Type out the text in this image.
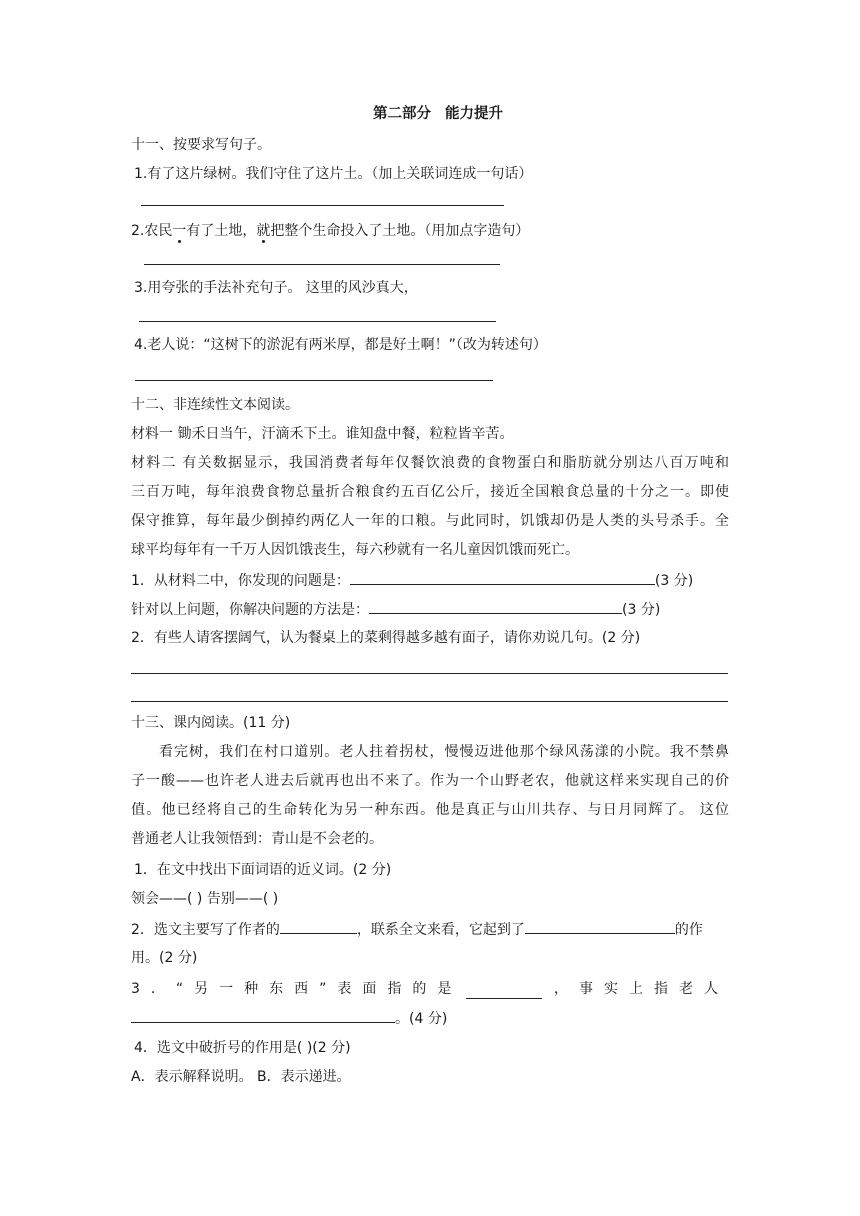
第二部分 能力提升
十一、按要求写句子。
1.有了这片绿树。我们守住了这片土。（加上关联词连成一句话）
2.农民一有了土地，就把整个生命投入了土地。（用加点字造句）
3.用夸张的手法补充句子。 这里的风沙真大，
4.老人说：“这树下的淤泥有两米厚，都是好土啊！”（改为转述句）
十二、非连续性文本阅读。
材料一 锄禾日当午，汗滴禾下土。谁知盘中餐，粒粒皆辛苦。
材料二 有关数据显示，我国消费者每年仅餐饮浪费的食物蛋白和脂肪就分别达八百万吨和
三百万吨，每年浪费食物总量折合粮食约五百亿公斤，接近全国粮食总量的十分之一。即使
保守推算，每年最少倒掉约两亿人一年的口粮。与此同时，饥饿却仍是人类的头号杀手。全
球平均每年有一千万人因饥饿丧生，每六秒就有一名儿童因饥饿而死亡。
1．从材料二中，你发现的问题是：	(3 分)
针对以上问题，你解决问题的方法是：	(3 分)
2．有些人请客摆阔气，认为餐桌上的菜剩得越多越有面子，请你劝说几句。(2 分)
十三、课内阅读。(11 分)
看完树，我们在村口道别。老人拄着拐杖，慢慢迈进他那个绿风荡漾的小院。我不禁鼻
子一酸——也许老人进去后就再也出不来了。作为一个山野老农，他就这样来实现自己的价
值。他已经将自己的生命转化为另一种东西。他是真正与山川共存、与日月同辉了。 这位
普通老人让我领悟到：青山是不会老的。
1．在文中找出下面词语的近义词。(2 分)
领会——( ) 告别——( )
2．选文主要写了作者的	，联系全文来看，它起到了	的作
用。(2 分)
3．“另一种东西”表面指的是	，事实上指老人
。(4 分)
4．选文中破折号的作用是( )(2 分)
A．表示解释说明。 B．表示递进。
